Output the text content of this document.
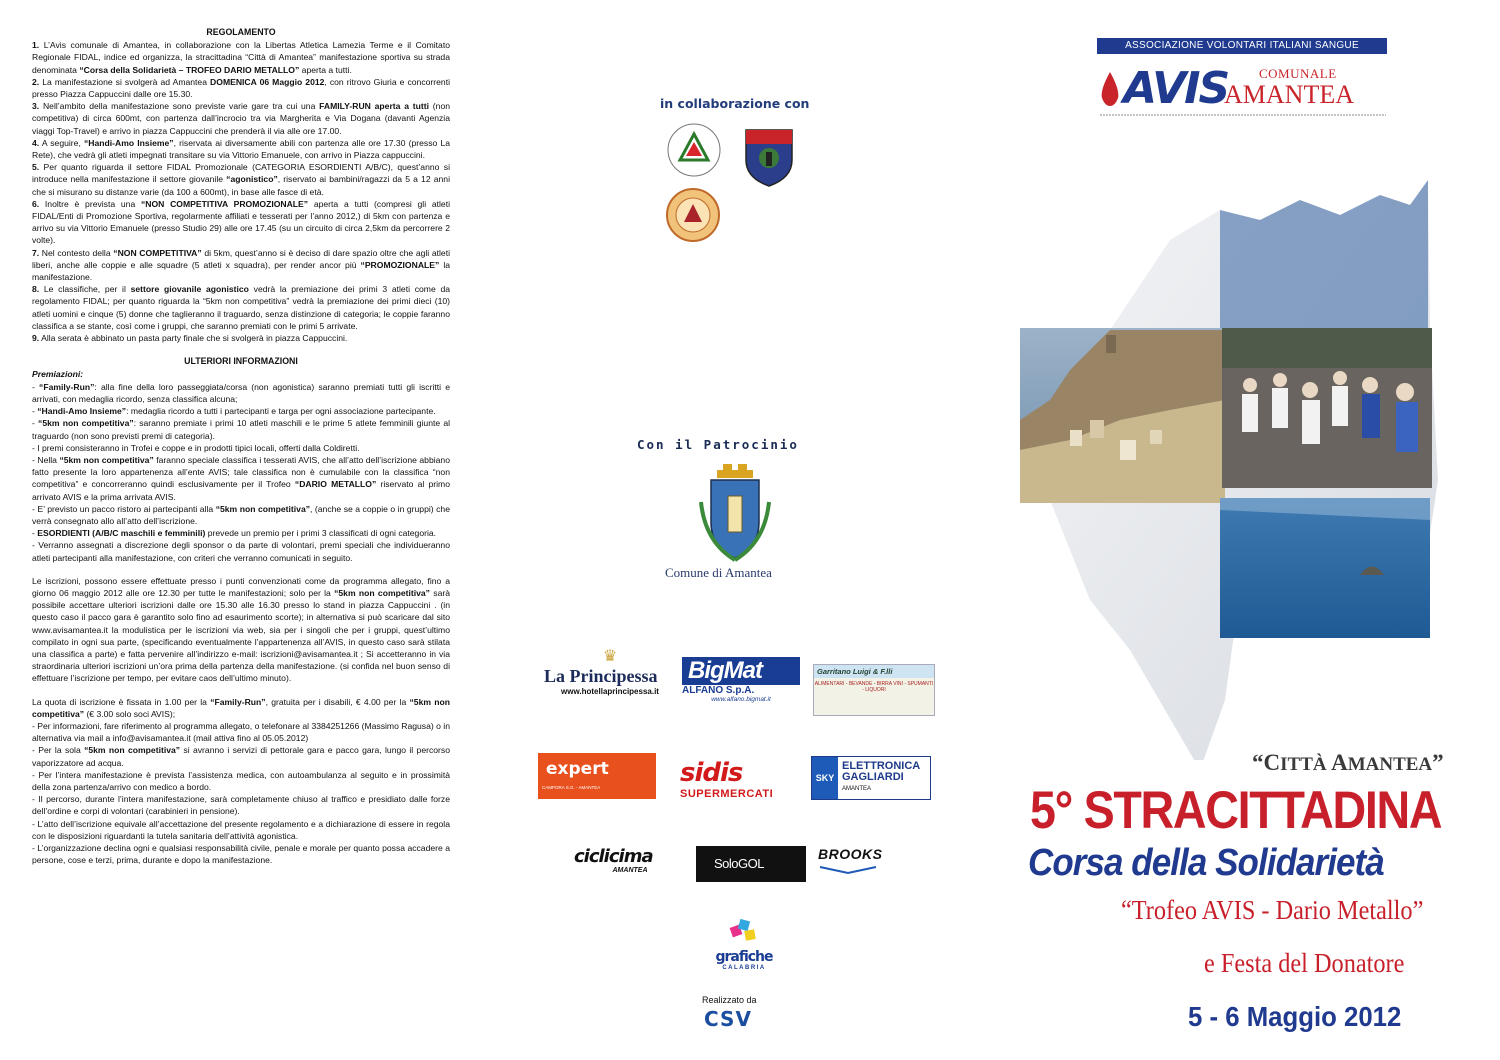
REGOLAMENTO

1. L’Avis comunale di Amantea, in collaborazione con la Libertas Atletica Lamezia Terme e il Comitato Regionale FIDAL, indice ed organizza, la stracittadina “Città di Amantea” manifestazione sportiva su strada denominata “Corsa della Solidarietà – TROFEO DARIO METALLO” aperta a tutti.

2. La manifestazione si svolgerà ad Amantea DOMENICA 06 Maggio 2012, con ritrovo Giuria e concorrenti presso Piazza Cappuccini dalle ore 15.30.

3. Nell’ambito della manifestazione sono previste varie gare tra cui una FAMILY-RUN aperta a tutti (non competitiva) di circa 600mt, con partenza dall’incrocio tra via Margherita e Via Dogana (davanti Agenzia viaggi Top-Travel) e arrivo in piazza Cappuccini che prenderà il via alle ore 17.00.

4. A seguire, “Handi-Amo Insieme”, riservata ai diversamente abili con partenza alle ore 17.30 (presso La Rete), che vedrà gli atleti impegnati transitare su via Vittorio Emanuele, con arrivo in Piazza cappuccini.

5. Per quanto riguarda il settore FIDAL Promozionale (CATEGORIA ESORDIENTI A/B/C), quest’anno si introduce nella manifestazione il settore giovanile “agonistico”, riservato ai bambini/ragazzi da 5 a 12 anni che si misurano su distanze varie (da 100 a 600mt), in base alle fasce di età.

6. Inoltre è prevista una “NON COMPETITIVA PROMOZIONALE” aperta a tutti (compresi gli atleti FIDAL/Enti di Promozione Sportiva, regolarmente affiliati e tesserati per l’anno 2012,) di 5km con partenza e arrivo su via Vittorio Emanuele (presso Studio 29) alle ore 17.45 (su un circuito di circa 2,5km da percorrere 2 volte).

7. Nel contesto della “NON COMPETITIVA” di 5km, quest’anno si è deciso di dare spazio oltre che agli atleti liberi, anche alle coppie e alle squadre (5 atleti x squadra), per render ancor più “PROMOZIONALE” la manifestazione.

8. Le classifiche, per il settore giovanile agonistico vedrà la premiazione dei primi 3 atleti come da regolamento FIDAL; per quanto riguarda la “5km non competitiva” vedrà la premiazione dei primi dieci (10) atleti uomini e cinque (5) donne che taglieranno il traguardo, senza distinzione di categoria; le coppie faranno classifica a se stante, così come i gruppi, che saranno premiati con le primi 5 arrivate.

9. Alla serata è abbinato un pasta party finale che si svolgerà in piazza Cappuccini.

ULTERIORI INFORMAZIONI

Premiazioni:

- “Family-Run”: alla fine della loro passeggiata/corsa (non agonistica) saranno premiati tutti gli iscritti e arrivati, con medaglia ricordo, senza classifica alcuna;

- “Handi-Amo Insieme”: medaglia ricordo a tutti i partecipanti e targa per ogni associazione partecipante.

- “5km non competitiva”: saranno premiate i primi 10 atleti maschili e le prime 5 atlete femminili giunte al traguardo (non sono previsti premi di categoria).

- I premi consisteranno in Trofei e coppe e in prodotti tipici locali, offerti dalla Coldiretti.

- Nella “5km non competitiva” faranno speciale classifica i tesserati AVIS, che all’atto dell’iscrizione abbiano fatto presente la loro appartenenza all’ente AVIS; tale classifica non è cumulabile con la classifica “non competitiva” e concorreranno quindi esclusivamente per il Trofeo “DARIO METALLO” riservato al primo arrivato AVIS e la prima arrivata AVIS.

- E’ previsto un pacco ristoro ai partecipanti alla “5km non competitiva”, (anche se a coppie o in gruppi) che verrà consegnato allo all’atto dell’iscrizione.

- ESORDIENTI (A/B/C maschili e femminili) prevede un premio per i primi 3 classificati di ogni categoria.

- Verranno assegnati a discrezione degli sponsor o da parte di volontari, premi speciali che individueranno atleti partecipanti alla manifestazione, con criteri che verranno comunicati in seguito.

Le iscrizioni, possono essere effettuate presso i punti convenzionati come da programma allegato, fino a giorno 06 maggio 2012 alle ore 12.30 per tutte le manifestazioni; solo per la “5km non competitiva” sarà possibile accettare ulteriori iscrizioni dalle ore 15.30 alle 16.30 presso lo stand in piazza Cappuccini . (in questo caso il pacco gara è garantito solo fino ad esaurimento scorte); in alternativa si può scaricare dal sito www.avisamantea.it la modulistica per le iscrizioni via web, sia per i singoli che per i gruppi, quest’ultimo compilato in ogni sua parte, (specificando eventualmente l’appartenenza all’AVIS, in questo caso sarà stilata una classifica a parte) e fatta pervenire all’indirizzo e-mail: iscrizioni@avisamantea.it ; Si accetteranno in via straordinaria ulteriori iscrizioni un’ora prima della partenza della manifestazione. (si confida nel buon senso di effettuare l’iscrizione per tempo, per evitare caos dell’ultimo minuto).

La quota di iscrizione è fissata in 1.00 per la “Family-Run”, gratuita per i disabili, € 4.00 per la “5km non competitiva” (€ 3.00 solo soci AVIS);

- Per informazioni, fare riferimento al programma allegato, o telefonare al 3384251266 (Massimo Ragusa) o in alternativa via mail a info@avisamantea.it (mail attiva fino al 05.05.2012)

- Per la sola “5km non competitiva” si avranno i servizi di pettorale gara e pacco gara, lungo il percorso vaporizzatore ad acqua.

- Per l’intera manifestazione è prevista l’assistenza medica, con autoambulanza al seguito e in prossimità della zona partenza/arrivo con medico a bordo.

- Il percorso, durante l’intera manifestazione, sarà completamente chiuso al traffico e presidiato dalle forze dell’ordine e corpi di volontari (carabinieri in pensione).

- L’atto dell’iscrizione equivale all’accettazione del presente regolamento e a dichiarazione di essere in regola con le disposizioni riguardanti la tutela sanitaria dell’attività agonistica.

- L’organizzazione declina ogni e qualsiasi responsabilità civile, penale e morale per quanto possa accadere a persone, cose e terzi, prima, durante e dopo la manifestazione.

in collaborazione con
Con il Patrocinio
Comune di Amantea
♛
La Principessa
www.hotellaprincipessa.it
BigMat
ALFANO S.p.A.
www.alfano.bigmat.it
Garritano Luigi & F.lli
ALIMENTARI - BEVANDE - BIRRA VINI - SPUMANTI - LIQUORI
expert
CAMPORA S.G. - AMANTEA	sidis
SUPERMERCATI
SKY
ELETTRONICA GAGLIARDI
AMANTEA
ciclicima
AMANTEA	SoloGOL
BROOKS
grafiche
CALABRIA
Realizzato da
CSV
ASSOCIAZIONE VOLONTARI ITALIANI SANGUE
AVIS COMUNALE
AMANTEA
“CITTÀ AMANTEA”
5° STRACITTADINA
Corsa della Solidarietà
“Trofeo AVIS - Dario Metallo”
e Festa del Donatore
5 - 6 Maggio 2012
